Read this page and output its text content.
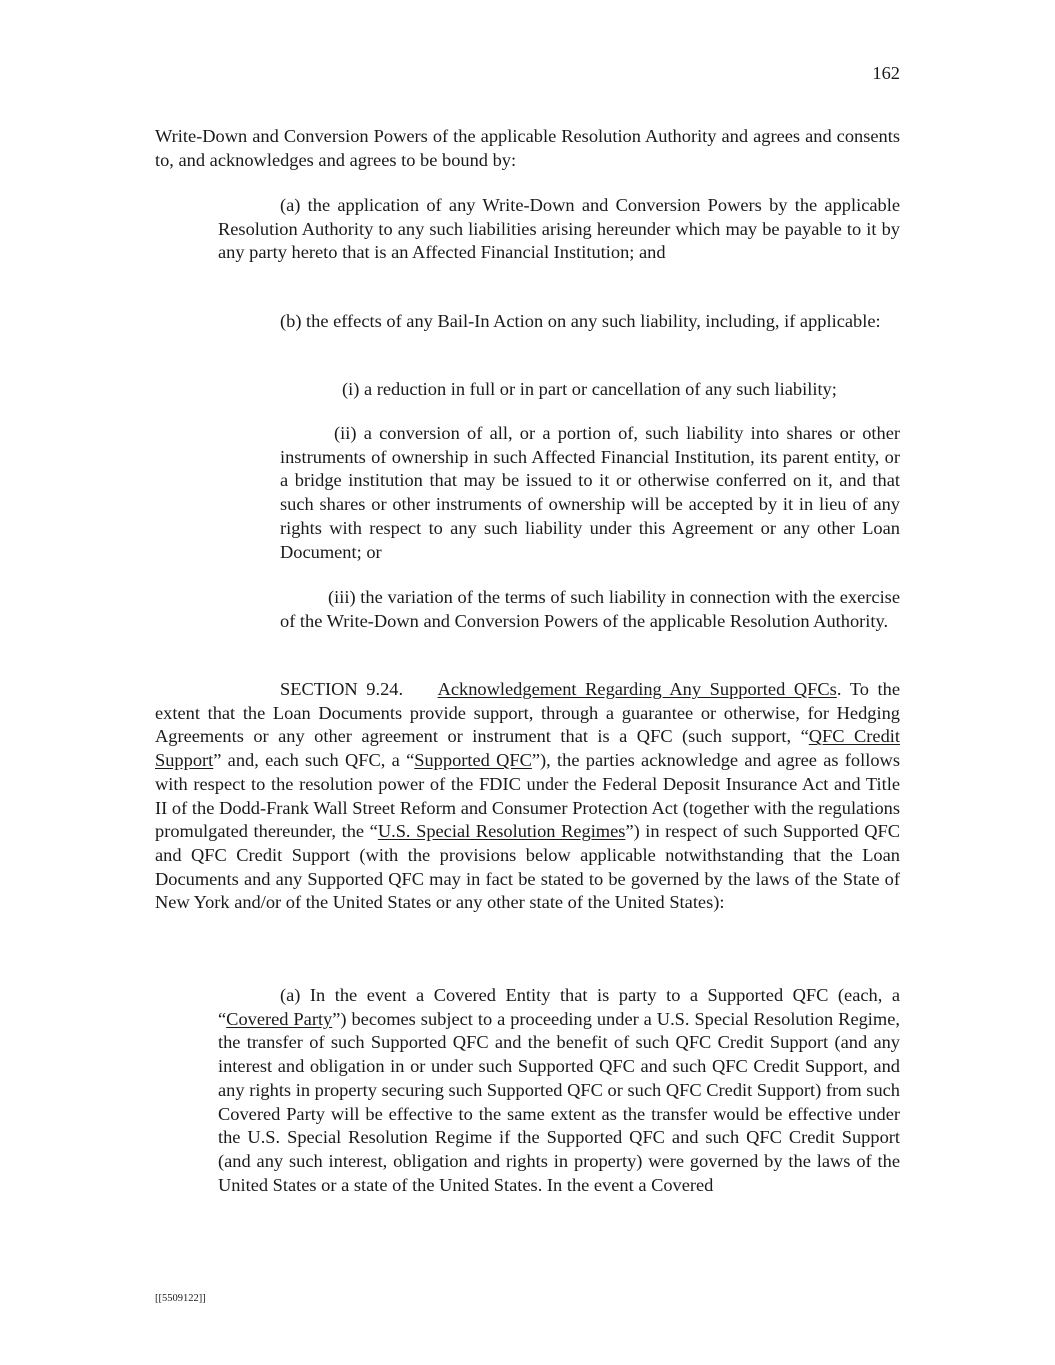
162

Write-Down and Conversion Powers of the applicable Resolution Authority and agrees and consents to, and acknowledges and agrees to be bound by:

(a) the application of any Write-Down and Conversion Powers by the applicable Resolution Authority to any such liabilities arising hereunder which may be payable to it by any party hereto that is an Affected Financial Institution; and

(b) the effects of any Bail-In Action on any such liability, including, if applicable:

(i) a reduction in full or in part or cancellation of any such liability;

(ii) a conversion of all, or a portion of, such liability into shares or other instruments of ownership in such Affected Financial Institution, its parent entity, or a bridge institution that may be issued to it or otherwise conferred on it, and that such shares or other instruments of ownership will be accepted by it in lieu of any rights with respect to any such liability under this Agreement or any other Loan Document; or

(iii) the variation of the terms of such liability in connection with the exercise of the Write-Down and Conversion Powers of the applicable Resolution Authority.

SECTION 9.24. Acknowledgement Regarding Any Supported QFCs. To the extent that the Loan Documents provide support, through a guarantee or otherwise, for Hedging Agreements or any other agreement or instrument that is a QFC (such support, “QFC Credit Support” and, each such QFC, a “Supported QFC”), the parties acknowledge and agree as follows with respect to the resolution power of the FDIC under the Federal Deposit Insurance Act and Title II of the Dodd-Frank Wall Street Reform and Consumer Protection Act (together with the regulations promulgated thereunder, the “U.S. Special Resolution Regimes”) in respect of such Supported QFC and QFC Credit Support (with the provisions below applicable notwithstanding that the Loan Documents and any Supported QFC may in fact be stated to be governed by the laws of the State of New York and/or of the United States or any other state of the United States):

(a) In the event a Covered Entity that is party to a Supported QFC (each, a “Covered Party”) becomes subject to a proceeding under a U.S. Special Resolution Regime, the transfer of such Supported QFC and the benefit of such QFC Credit Support (and any interest and obligation in or under such Supported QFC and such QFC Credit Support, and any rights in property securing such Supported QFC or such QFC Credit Support) from such Covered Party will be effective to the same extent as the transfer would be effective under the U.S. Special Resolution Regime if the Supported QFC and such QFC Credit Support (and any such interest, obligation and rights in property) were governed by the laws of the United States or a state of the United States. In the event a Covered

[[5509122]]
